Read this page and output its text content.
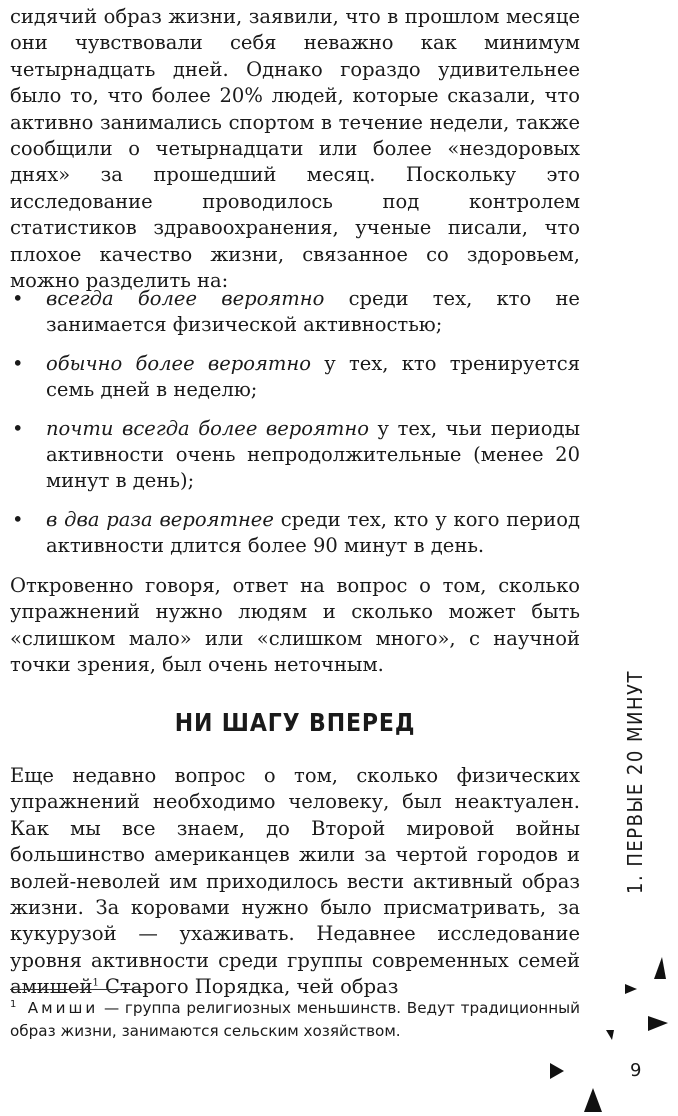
сидячий образ жизни, заявили, что в прошлом месяце они чувствовали себя неважно как минимум четырнадцать дней. Однако гораздо удивительнее было то, что более 20% людей, которые сказали, что активно занимались спортом в течение недели, также сообщили о четырнадцати или более «нездоровых днях» за прошедший месяц. Поскольку это исследование проводилось под контролем статистиков здравоохранения, ученые писали, что плохое качество жизни, связанное со здоровьем, можно разделить на:

• всегда более вероятно среди тех, кто не занимается физической активностью;
• обычно более вероятно у тех, кто тренируется семь дней в неделю;
• почти всегда более вероятно у тех, чьи периоды активности очень непродолжительные (менее 20 минут в день);
• в два раза вероятнее среди тех, кто у кого период активности длится более 90 минут в день.

Откровенно говоря, ответ на вопрос о том, сколько упражнений нужно людям и сколько может быть «слишком мало» или «слишком много», с научной точки зрения, был очень неточным.

НИ ШАГУ ВПЕРЕД

Еще недавно вопрос о том, сколько физических упражнений необходимо человеку, был неактуален. Как мы все знаем, до Второй мировой войны большинство американцев жили за чертой городов и волей-неволей им приходилось вести активный образ жизни. За коровами нужно было присматривать, за кукурузой — ухаживать. Недавнее исследование уровня активности среди группы современных семей амишей$^1$ Старого Порядка, чей образ

$^1$ Амиши — группа религиозных меньшинств. Ведут традиционный образ жизни, занимаются сельским хозяйством.

1. ПЕРВЫЕ 20 МИНУТ
9
